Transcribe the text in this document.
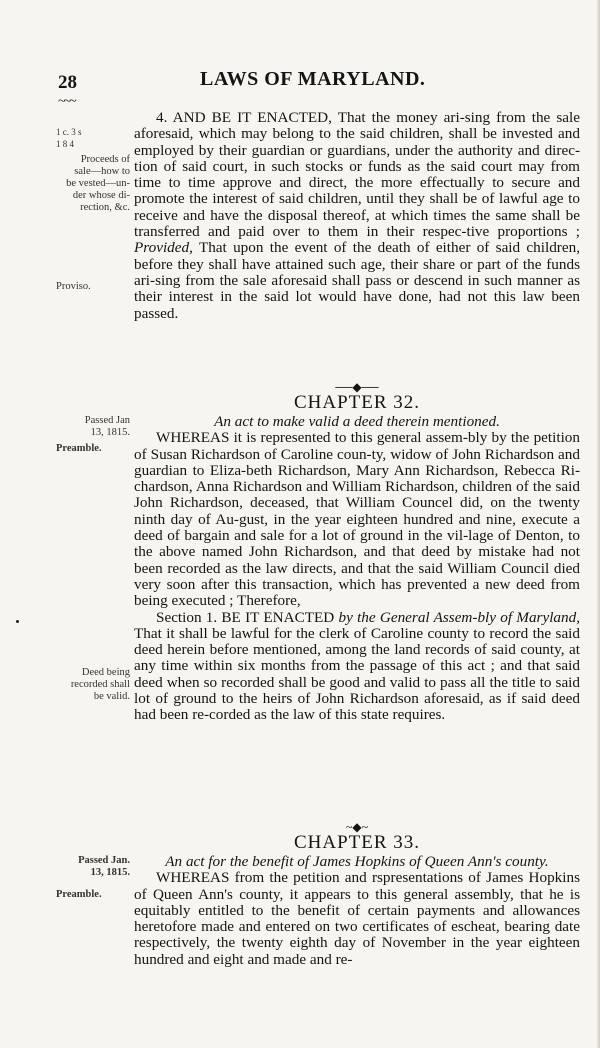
28	LAWS OF MARYLAND.
~~~
1 c. 3 s
1 8 4
Proceeds of
sale—how to
be vested—un-
der whose di-
rection, &c.
Proviso.
Passed Jan
13, 1815.
Preamble.
Deed being
recorded shall
be valid.
Passed Jan.
13, 1815.
Preamble.

4. AND BE IT ENACTED, That the money ari-sing from the sale aforesaid, which may belong to the said children, shall be invested and employed by their guardian or guardians, under the authority and direc-tion of said court, in such stocks or funds as the said court may from time to time approve and direct, the more effectually to secure and promote the interest of said children, until they shall be of lawful age to receive and have the disposal thereof, at which times the same shall be transferred and paid over to them in their respec-tive proportions ; Provided, That upon the event of the death of either of said children, before they shall have attained such age, their share or part of the funds ari-sing from the sale aforesaid shall pass or descend in such manner as their interest in the said lot would have done, had not this law been passed.

──◆──

CHAPTER 32.

An act to make valid a deed therein mentioned.

WHEREAS it is represented to this general assem-bly by the petition of Susan Richardson of Caroline coun-ty, widow of John Richardson and guardian to Eliza-beth Richardson, Mary Ann Richardson, Rebecca Ri-chardson, Anna Richardson and William Richardson, children of the said John Richardson, deceased, that William Councel did, on the twenty ninth day of Au-gust, in the year eighteen hundred and nine, execute a deed of bargain and sale for a lot of ground in the vil-lage of Denton, to the above named John Richardson, and that deed by mistake had not been recorded as the law directs, and that the said William Council died very soon after this transaction, which has prevented a new deed from being executed ; Therefore,

Section 1. BE IT ENACTED by the General Assem-bly of Maryland, That it shall be lawful for the clerk of Caroline county to record the said deed herein before mentioned, among the land records of said county, at any time within six months from the passage of this act ; and that said deed when so recorded shall be good and valid to pass all the title to said lot of ground to the heirs of John Richardson aforesaid, as if said deed had been re-corded as the law of this state requires.

~◆~

CHAPTER 33.

An act for the benefit of James Hopkins of Queen Ann's county.

WHEREAS from the petition and rspresentations of James Hopkins of Queen Ann's county, it appears to this general assembly, that he is equitably entitled to the benefit of certain payments and allowances heretofore made and entered on two certificates of escheat, bearing date respectively, the twenty eighth day of November in the year eighteen hundred and eight and made and re-
